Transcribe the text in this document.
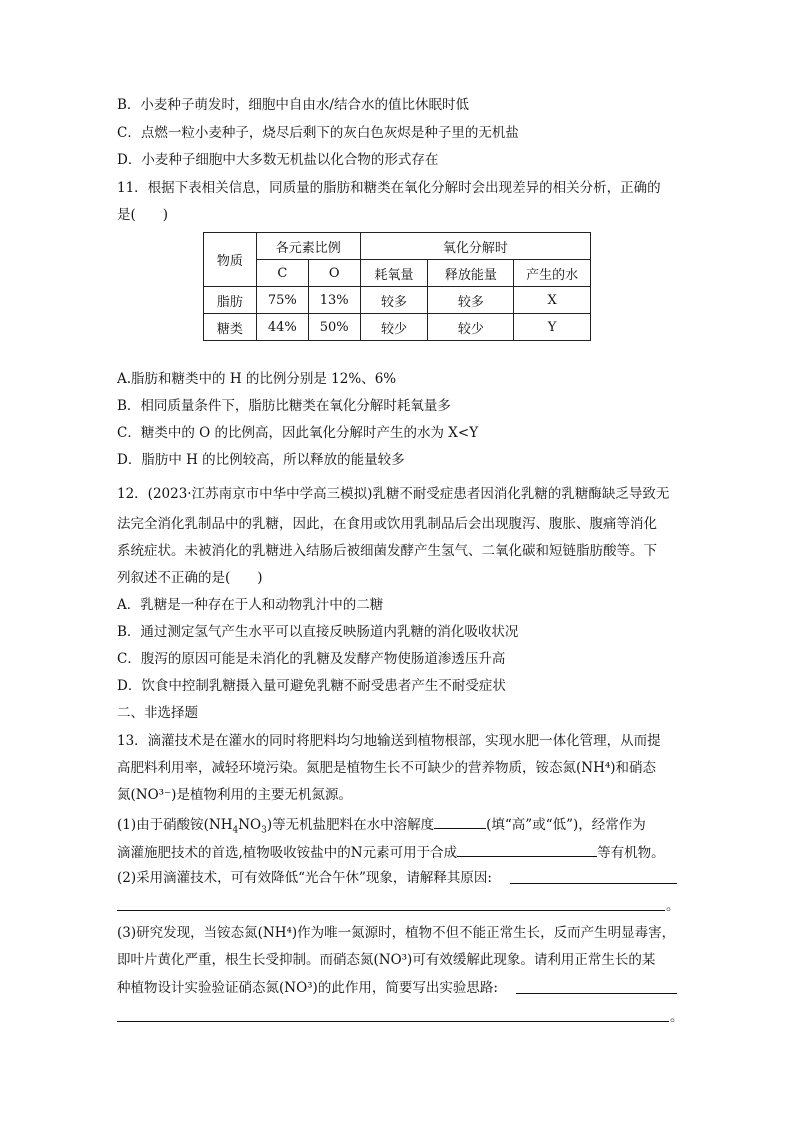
B．小麦种子萌发时，细胞中自由水/结合水的值比休眠时低
C．点燃一粒小麦种子，烧尽后剩下的灰白色灰烬是种子里的无机盐
D．小麦种子细胞中大多数无机盐以化合物的形式存在
11．根据下表相关信息，同质量的脂肪和糖类在氧化分解时会出现差异的相关分析，正确的
是(　　)
物质	各元素比例		氧化分解时		
	C	O	耗氧量	释放能量	产生的水
脂肪	75%	13%	较多	较多	X
糖类	44%	50%	较少	较少	Y
A.脂肪和糖类中的 H 的比例分别是 12%、6%
B．相同质量条件下，脂肪比糖类在氧化分解时耗氧量多
C．糖类中的 O 的比例高，因此氧化分解时产生的水为 X<Y
D．脂肪中 H 的比例较高，所以释放的能量较多
12．(2023·江苏南京市中华中学高三模拟)乳糖不耐受症患者因消化乳糖的乳糖酶缺乏导致无
法完全消化乳制品中的乳糖，因此，在食用或饮用乳制品后会出现腹泻、腹胀、腹痛等消化
系统症状。未被消化的乳糖进入结肠后被细菌发酵产生氢气、二氧化碳和短链脂肪酸等。下
列叙述不正确的是(　　)
A．乳糖是一种存在于人和动物乳汁中的二糖
B．通过测定氢气产生水平可以直接反映肠道内乳糖的消化吸收状况
C．腹泻的原因可能是未消化的乳糖及发酵产物使肠道渗透压升高
D．饮食中控制乳糖摄入量可避免乳糖不耐受患者产生不耐受症状
二、非选择题
13．滴灌技术是在灌水的同时将肥料均匀地输送到植物根部，实现水肥一体化管理，从而提
高肥料利用率，减轻环境污染。氮肥是植物生长不可缺少的营养物质，铵态氮(NH⁴)和硝态
氮(NO³⁻)是植物利用的主要无机氮源。
(1)由于硝酸铵$(NH_4NO_3)$等无机盐肥料在水中溶解度	(填“高”或“低”)，经常作为
滴灌施肥技术的首选,植物吸收铵盐中的N元素可用于合成	等有机物。
(2)采用滴灌技术，可有效降低“光合午休”现象，请解释其原因:
。
(3)研究发现，当铵态氮(NH⁴)作为唯一氮源时，植物不但不能正常生长，反而产生明显毒害，
即叶片黄化严重，根生长受抑制。而硝态氮(NO³)可有效缓解此现象。请利用正常生长的某
种植物设计实验验证硝态氮(NO³)的此作用，简要写出实验思路:
。
